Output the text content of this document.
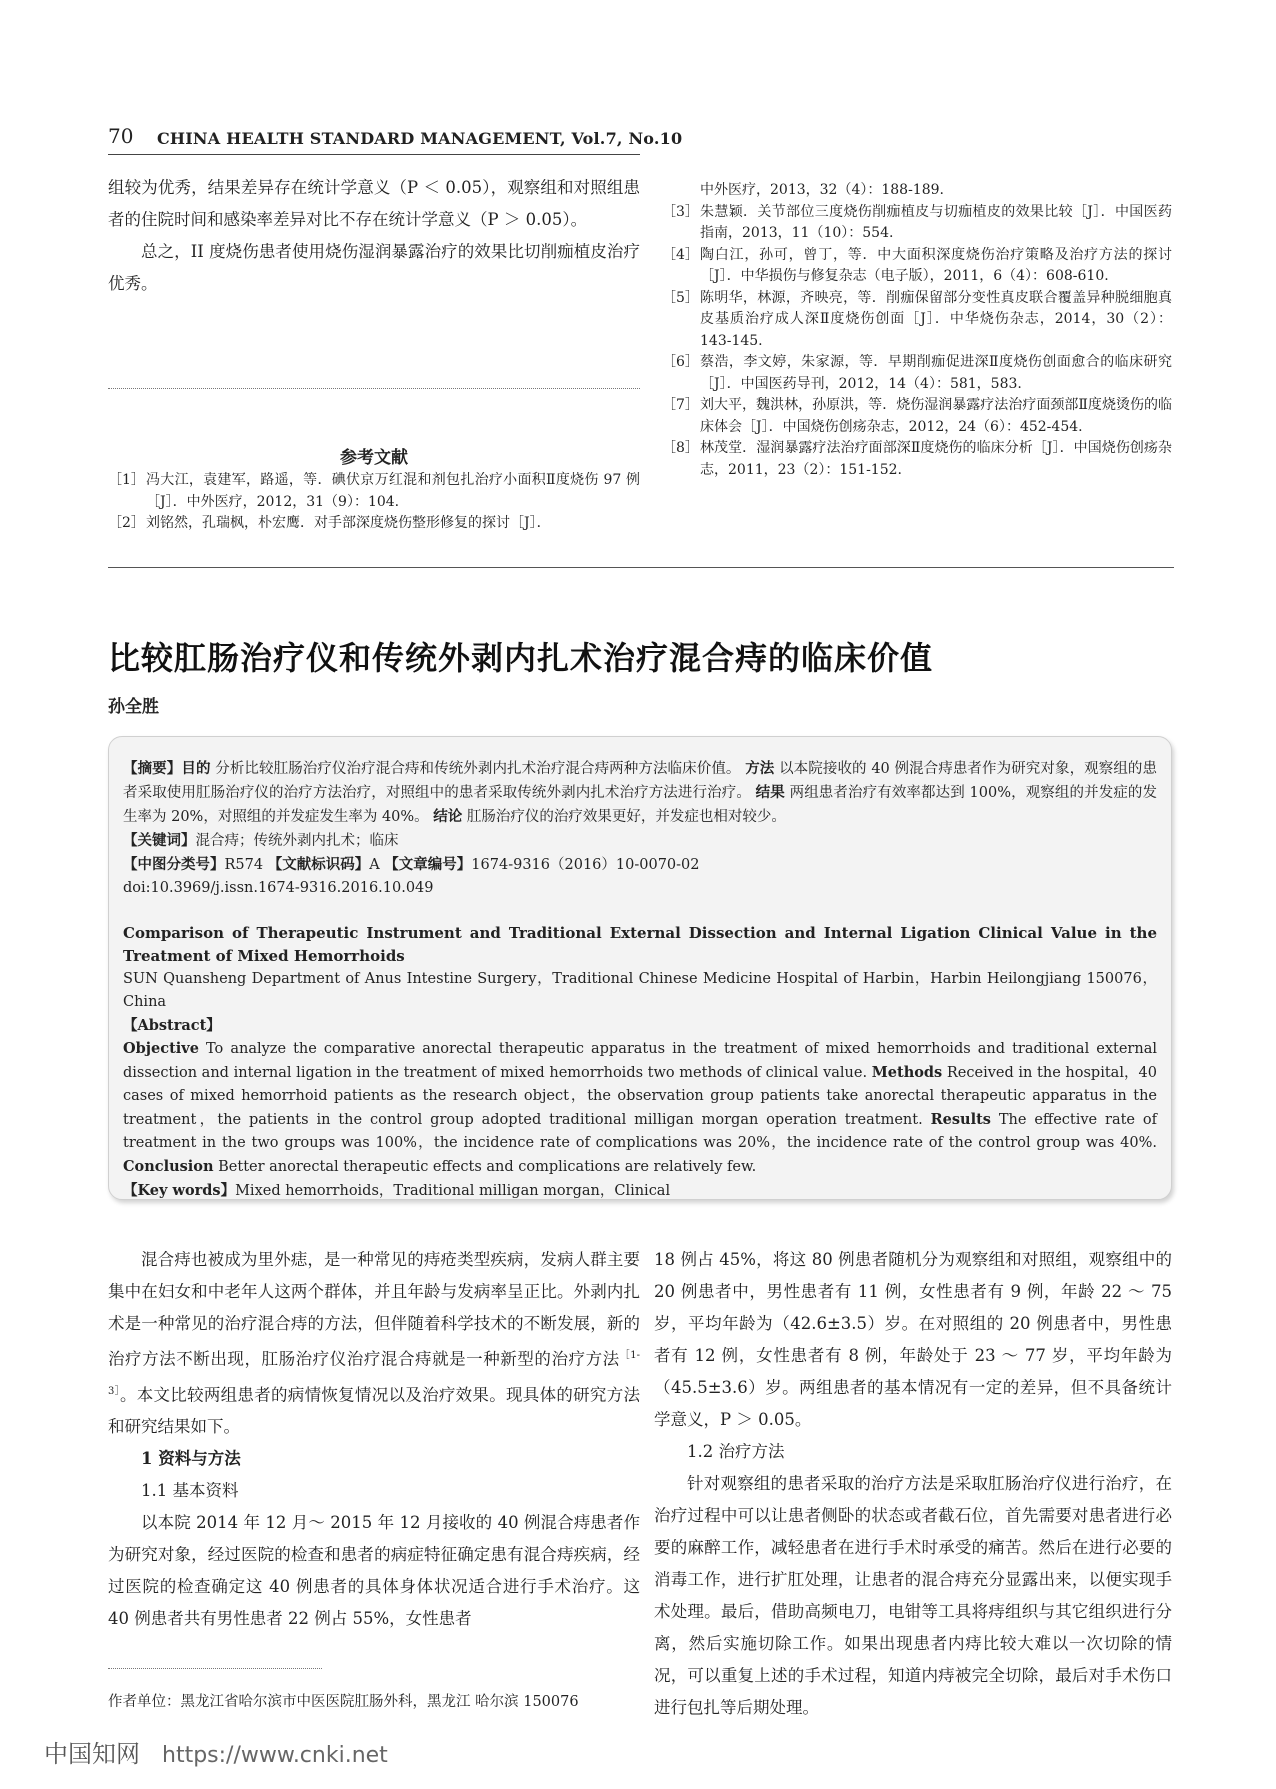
70 CHINA HEALTH STANDARD MANAGEMENT, Vol.7, No.10

组较为优秀，结果差异存在统计学意义（P ＜ 0.05），观察组和对照组患者的住院时间和感染率差异对比不存在统计学意义（P ＞ 0.05）。

总之，II 度烧伤患者使用烧伤湿润暴露治疗的效果比切削痂植皮治疗优秀。

参考文献
［1］ 冯大江，袁建军，路遥，等．碘伏京万红混和剂包扎治疗小面积Ⅱ度烧伤 97 例［J］．中外医疗，2012，31（9）：104.
［2］ 刘铭然，孔瑞枫，朴宏鹰．对手部深度烧伤整形修复的探讨［J］．
中外医疗，2013，32（4）：188-189.
［3］ 朱慧颖．关节部位三度烧伤削痂植皮与切痂植皮的效果比较［J］．中国医药指南，2013，11（10）：554.
［4］ 陶白江，孙可，曾丁，等．中大面积深度烧伤治疗策略及治疗方法的探讨［J］．中华损伤与修复杂志（电子版），2011，6（4）：608-610.
［5］ 陈明华，林源，齐映亮，等．削痂保留部分变性真皮联合覆盖异种脱细胞真皮基质治疗成人深Ⅱ度烧伤创面［J］．中华烧伤杂志，2014，30（2）：143-145.
［6］ 蔡浩，李文婷，朱家源，等．早期削痂促进深Ⅱ度烧伤创面愈合的临床研究［J］．中国医药导刊，2012，14（4）：581，583.
［7］ 刘大平，魏洪林，孙原洪，等．烧伤湿润暴露疗法治疗面颈部Ⅱ度烧烫伤的临床体会［J］．中国烧伤创疡杂志，2012，24（6）：452-454.
［8］ 林茂堂．湿润暴露疗法治疗面部深Ⅱ度烧伤的临床分析［J］．中国烧伤创疡杂志，2011，23（2）：151-152.
比较肛肠治疗仪和传统外剥内扎术治疗混合痔的临床价值
孙全胜

【摘要】目的 分析比较肛肠治疗仪治疗混合痔和传统外剥内扎术治疗混合痔两种方法临床价值。 方法 以本院接收的 40 例混合痔患者作为研究对象，观察组的患者采取使用肛肠治疗仪的治疗方法治疗，对照组中的患者采取传统外剥内扎术治疗方法进行治疗。 结果 两组患者治疗有效率都达到 100%，观察组的并发症的发生率为 20%，对照组的并发症发生率为 40%。 结论 肛肠治疗仪的治疗效果更好，并发症也相对较少。

【关键词】混合痔；传统外剥内扎术；临床

【中图分类号】R574 【文献标识码】A 【文章编号】1674-9316（2016）10-0070-02

doi:10.3969/j.issn.1674-9316.2016.10.049

Comparison of Therapeutic Instrument and Traditional External Dissection and Internal Ligation Clinical Value in the Treatment of Mixed Hemorrhoids

SUN Quansheng Department of Anus Intestine Surgery，Traditional Chinese Medicine Hospital of Harbin，Harbin Heilongjiang 150076，China

【Abstract】

Objective To analyze the comparative anorectal therapeutic apparatus in the treatment of mixed hemorrhoids and traditional external dissection and internal ligation in the treatment of mixed hemorrhoids two methods of clinical value. Methods Received in the hospital，40 cases of mixed hemorrhoid patients as the research object，the observation group patients take anorectal therapeutic apparatus in the treatment，the patients in the control group adopted traditional milligan morgan operation treatment. Results The effective rate of treatment in the two groups was 100%，the incidence rate of complications was 20%，the incidence rate of the control group was 40%. Conclusion Better anorectal therapeutic effects and complications are relatively few.

【Key words】Mixed hemorrhoids，Traditional milligan morgan，Clinical

混合痔也被成为里外痣，是一种常见的痔疮类型疾病，发病人群主要集中在妇女和中老年人这两个群体，并且年龄与发病率呈正比。外剥内扎术是一种常见的治疗混合痔的方法，但伴随着科学技术的不断发展，新的治疗方法不断出现，肛肠治疗仪治疗混合痔就是一种新型的治疗方法$^{[1-3]}$。本文比较两组患者的病情恢复情况以及治疗效果。现具体的研究方法和研究结果如下。

1 资料与方法

1.1 基本资料

以本院 2014 年 12 月～ 2015 年 12 月接收的 40 例混合痔患者作为研究对象，经过医院的检查和患者的病症特征确定患有混合痔疾病，经过医院的检查确定这 40 例患者的具体身体状况适合进行手术治疗。这 40 例患者共有男性患者 22 例占 55%，女性患者

18 例占 45%，将这 80 例患者随机分为观察组和对照组，观察组中的 20 例患者中，男性患者有 11 例，女性患者有 9 例，年龄 22 ～ 75 岁，平均年龄为（42.6±3.5）岁。在对照组的 20 例患者中，男性患者有 12 例，女性患者有 8 例，年龄处于 23 ～ 77 岁，平均年龄为（45.5±3.6）岁。两组患者的基本情况有一定的差异，但不具备统计学意义，P ＞ 0.05。

1.2 治疗方法

针对观察组的患者采取的治疗方法是采取肛肠治疗仪进行治疗，在治疗过程中可以让患者侧卧的状态或者截石位，首先需要对患者进行必要的麻醉工作，减轻患者在进行手术时承受的痛苦。然后在进行必要的消毒工作，进行扩肛处理，让患者的混合痔充分显露出来，以便实现手术处理。最后，借助高频电刀，电钳等工具将痔组织与其它组织进行分离，然后实施切除工作。如果出现患者内痔比较大难以一次切除的情况，可以重复上述的手术过程，知道内痔被完全切除，最后对手术伤口进行包扎等后期处理。

作者单位：黑龙江省哈尔滨市中医医院肛肠外科，黑龙江 哈尔滨 150076
中国知网 https://www.cnki.net
